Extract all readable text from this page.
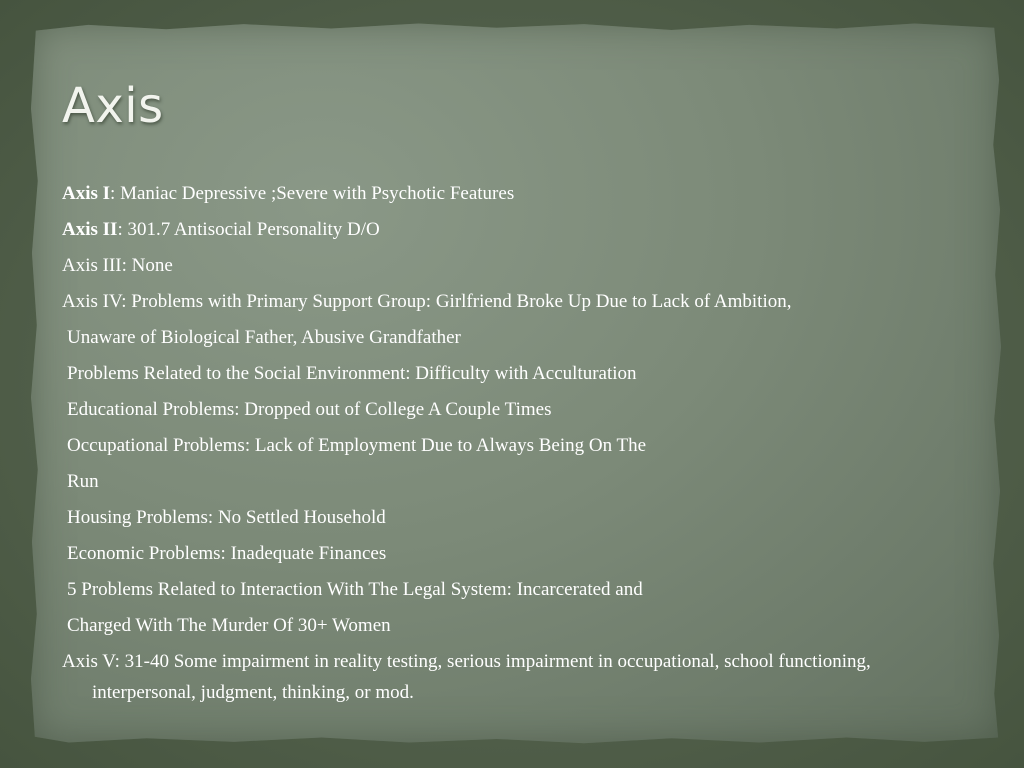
Axis
Axis I: Maniac Depressive ;Severe with Psychotic Features
Axis II: 301.7 Antisocial Personality D/O
Axis III: None
Axis IV: Problems with Primary Support Group: Girlfriend Broke Up Due to Lack of Ambition,
Unaware of Biological Father, Abusive Grandfather
Problems Related to the Social Environment: Difficulty with Acculturation
Educational Problems: Dropped out of College A Couple Times
Occupational Problems: Lack of Employment Due to Always Being On The
Run
Housing Problems: No Settled Household
Economic Problems: Inadequate Finances
5 Problems Related to Interaction With The Legal System: Incarcerated and
Charged With The Murder Of 30+ Women
Axis V: 31-40 Some impairment in reality testing, serious impairment in occupational, school functioning, interpersonal, judgment, thinking, or mod.
